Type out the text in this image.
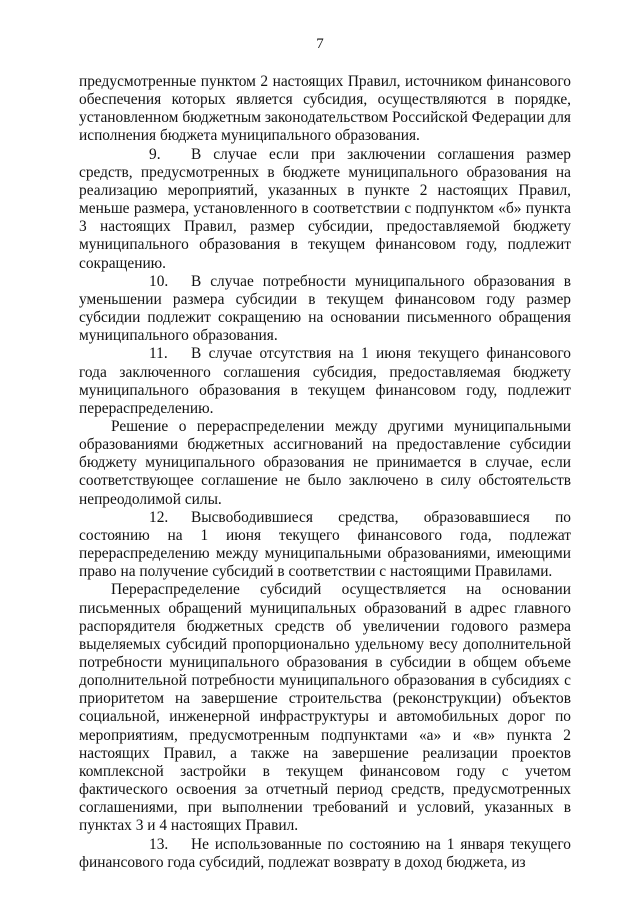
7

предусмотренные пунктом 2 настоящих Правил, источником финансового обеспечения которых является субсидия, осуществляются в порядке, установленном бюджетным законодательством Российской Федерации для исполнения бюджета муниципального образования.

9. В случае если при заключении соглашения размер средств, предусмотренных в бюджете муниципального образования на реализацию мероприятий, указанных в пункте 2 настоящих Правил, меньше размера, установленного в соответствии с подпунктом «б» пункта 3 настоящих Правил, размер субсидии, предоставляемой бюджету муниципального образования в текущем финансовом году, подлежит сокращению.

10. В случае потребности муниципального образования в уменьшении размера субсидии в текущем финансовом году размер субсидии подлежит сокращению на основании письменного обращения муниципального образования.

11. В случае отсутствия на 1 июня текущего финансового года заключенного соглашения субсидия, предоставляемая бюджету муниципального образования в текущем финансовом году, подлежит перераспределению.

Решение о перераспределении между другими муниципальными образованиями бюджетных ассигнований на предоставление субсидии бюджету муниципального образования не принимается в случае, если соответствующее соглашение не было заключено в силу обстоятельств непреодолимой силы.

12. Высвободившиеся средства, образовавшиеся по состоянию на 1 июня текущего финансового года, подлежат перераспределению между муниципальными образованиями, имеющими право на получение субсидий в соответствии с настоящими Правилами.

Перераспределение субсидий осуществляется на основании письменных обращений муниципальных образований в адрес главного распорядителя бюджетных средств об увеличении годового размера выделяемых субсидий пропорционально удельному весу дополнительной потребности муниципального образования в субсидии в общем объеме дополнительной потребности муниципального образования в субсидиях с приоритетом на завершение строительства (реконструкции) объектов социальной, инженерной инфраструктуры и автомобильных дорог по мероприятиям, предусмотренным подпунктами «а» и «в» пункта 2 настоящих Правил, а также на завершение реализации проектов комплексной застройки в текущем финансовом году с учетом фактического освоения за отчетный период средств, предусмотренных соглашениями, при выполнении требований и условий, указанных в пунктах 3 и 4 настоящих Правил.

13. Не использованные по состоянию на 1 января текущего финансового года субсидий, подлежат возврату в доход бюджета, из
